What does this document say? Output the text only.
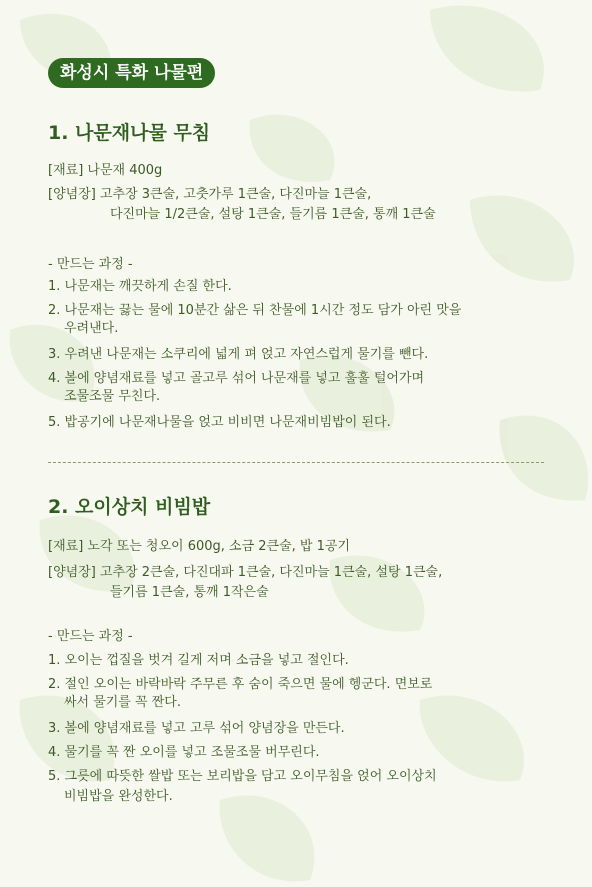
화성시 특화 나물편
1. 나문재나물 무침
[재료] 나문재 400g
[양념장] 고추장 3큰술, 고춧가루 1큰술, 다진마늘 1큰술,
다진마늘 1/2큰술, 설탕 1큰술, 들기름 1큰술, 통깨 1큰술
- 만드는 과정 -
1. 나문재는 깨끗하게 손질 한다.
2. 나문재는 끓는 물에 10분간 삶은 뒤 찬물에 1시간 정도 담가 아린 맛을
우려낸다.
3. 우려낸 나문재는 소쿠리에 넓게 펴 얹고 자연스럽게 물기를 뺀다.
4. 볼에 양념재료를 넣고 골고루 섞어 나문재를 넣고 훌훌 털어가며
조물조물 무친다.
5. 밥공기에 나문재나물을 얹고 비비면 나문재비빔밥이 된다.
2. 오이상치 비빔밥
[재료] 노각 또는 청오이 600g, 소금 2큰술, 밥 1공기
[양념장] 고추장 2큰술, 다진대파 1큰술, 다진마늘 1큰술, 설탕 1큰술,
들기름 1큰술, 통깨 1작은술
- 만드는 과정 -
1. 오이는 껍질을 벗겨 길게 저며 소금을 넣고 절인다.
2. 절인 오이는 바락바락 주무른 후 숨이 죽으면 물에 헹군다. 면보로
싸서 물기를 꼭 짠다.
3. 볼에 양념재료를 넣고 고루 섞어 양념장을 만든다.
4. 물기를 꼭 짠 오이를 넣고 조물조물 버무린다.
5. 그릇에 따뜻한 쌀밥 또는 보리밥을 담고 오이무침을 얹어 오이상치
비빔밥을 완성한다.
